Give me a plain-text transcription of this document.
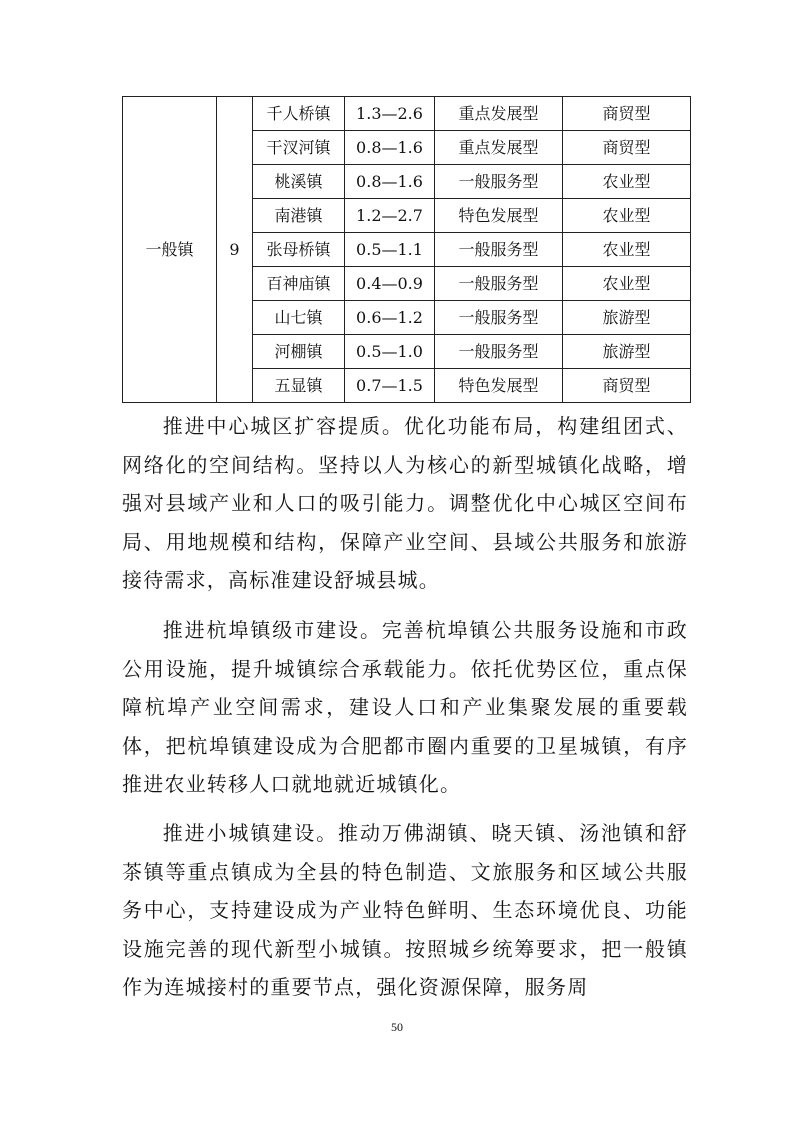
一般镇	9	千人桥镇	1.3—2.6	重点发展型	商贸型
		干汊河镇	0.8—1.6	重点发展型	商贸型
		桃溪镇	0.8—1.6	一般服务型	农业型
		南港镇	1.2—2.7	特色发展型	农业型
		张母桥镇	0.5—1.1	一般服务型	农业型
		百神庙镇	0.4—0.9	一般服务型	农业型
		山七镇	0.6—1.2	一般服务型	旅游型
		河棚镇	0.5—1.0	一般服务型	旅游型
		五显镇	0.7—1.5	特色发展型	商贸型

推进中心城区扩容提质。优化功能布局，构建组团式、网络化的空间结构。坚持以人为核心的新型城镇化战略，增强对县域产业和人口的吸引能力。调整优化中心城区空间布局、用地规模和结构，保障产业空间、县域公共服务和旅游接待需求，高标准建设舒城县城。

推进杭埠镇级市建设。完善杭埠镇公共服务设施和市政公用设施，提升城镇综合承载能力。依托优势区位，重点保障杭埠产业空间需求，建设人口和产业集聚发展的重要载体，把杭埠镇建设成为合肥都市圈内重要的卫星城镇，有序推进农业转移人口就地就近城镇化。

推进小城镇建设。推动万佛湖镇、晓天镇、汤池镇和舒茶镇等重点镇成为全县的特色制造、文旅服务和区域公共服务中心，支持建设成为产业特色鲜明、生态环境优良、功能设施完善的现代新型小城镇。按照城乡统筹要求，把一般镇作为连城接村的重要节点，强化资源保障，服务周

50
